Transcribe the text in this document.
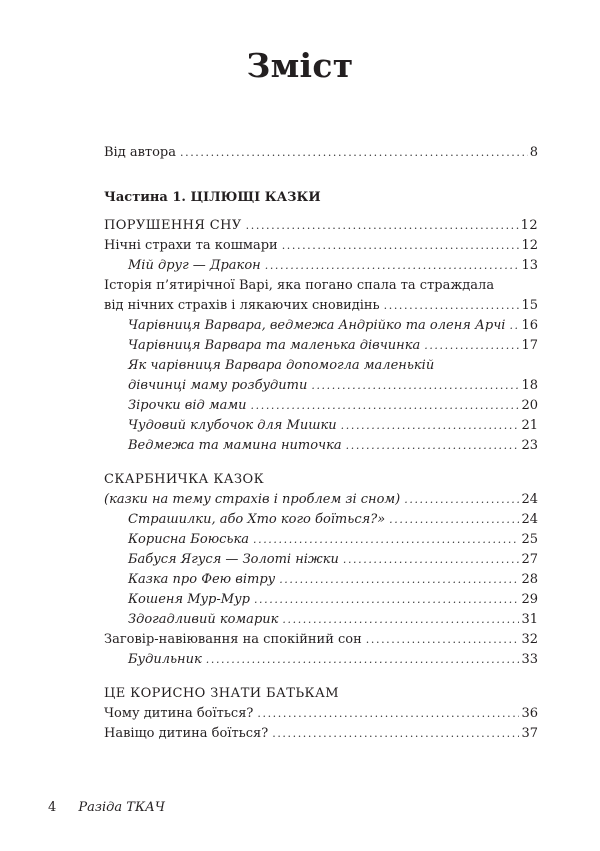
Зміст
Від автора .....	8
Частина 1. ЦІЛЮЩІ КАЗКИ
ПОРУШЕННЯ СНУ .....	12
Нічні страхи та кошмари .....	12
Мій друг — Дракон .....	13
Історія п’ятирічної Варі, яка погано спала та страждала
від нічних страхів і лякаючих сновидінь .....	15
Чарівниця Варвара, ведмежа Андрійко та оленя Арчі ..... 16
Чарівниця Варвара та маленька дівчинка .....	17
Як чарівниця Варвара допомогла маленькій
дівчинці маму розбудити .....	18
Зірочки від мами .....	20
Чудовий клубочок для Мишки .....	21
Ведмежа та мамина ниточка .....	23
СКАРБНИЧКА КАЗОК
(казки на тему страхів і проблем зі сном) .....	24
Страшилки, або Хто кого боїться?» .....	24
Корисна Боюська .....	25
Бабуся Ягуся — Золоті ніжки .....	27
Казка про Фею вітру .....	28
Кошеня Мур-Мур .....	29
Здогадливий комарик .....	31
Заговір-навіювання на спокійний сон .....	32
Будильник .....	33
ЦЕ КОРИСНО ЗНАТИ БАТЬКАМ
Чому дитина боїться? .....	36
Навіщо дитина боїться? .....	37
4 Разіда ТКАЧ
